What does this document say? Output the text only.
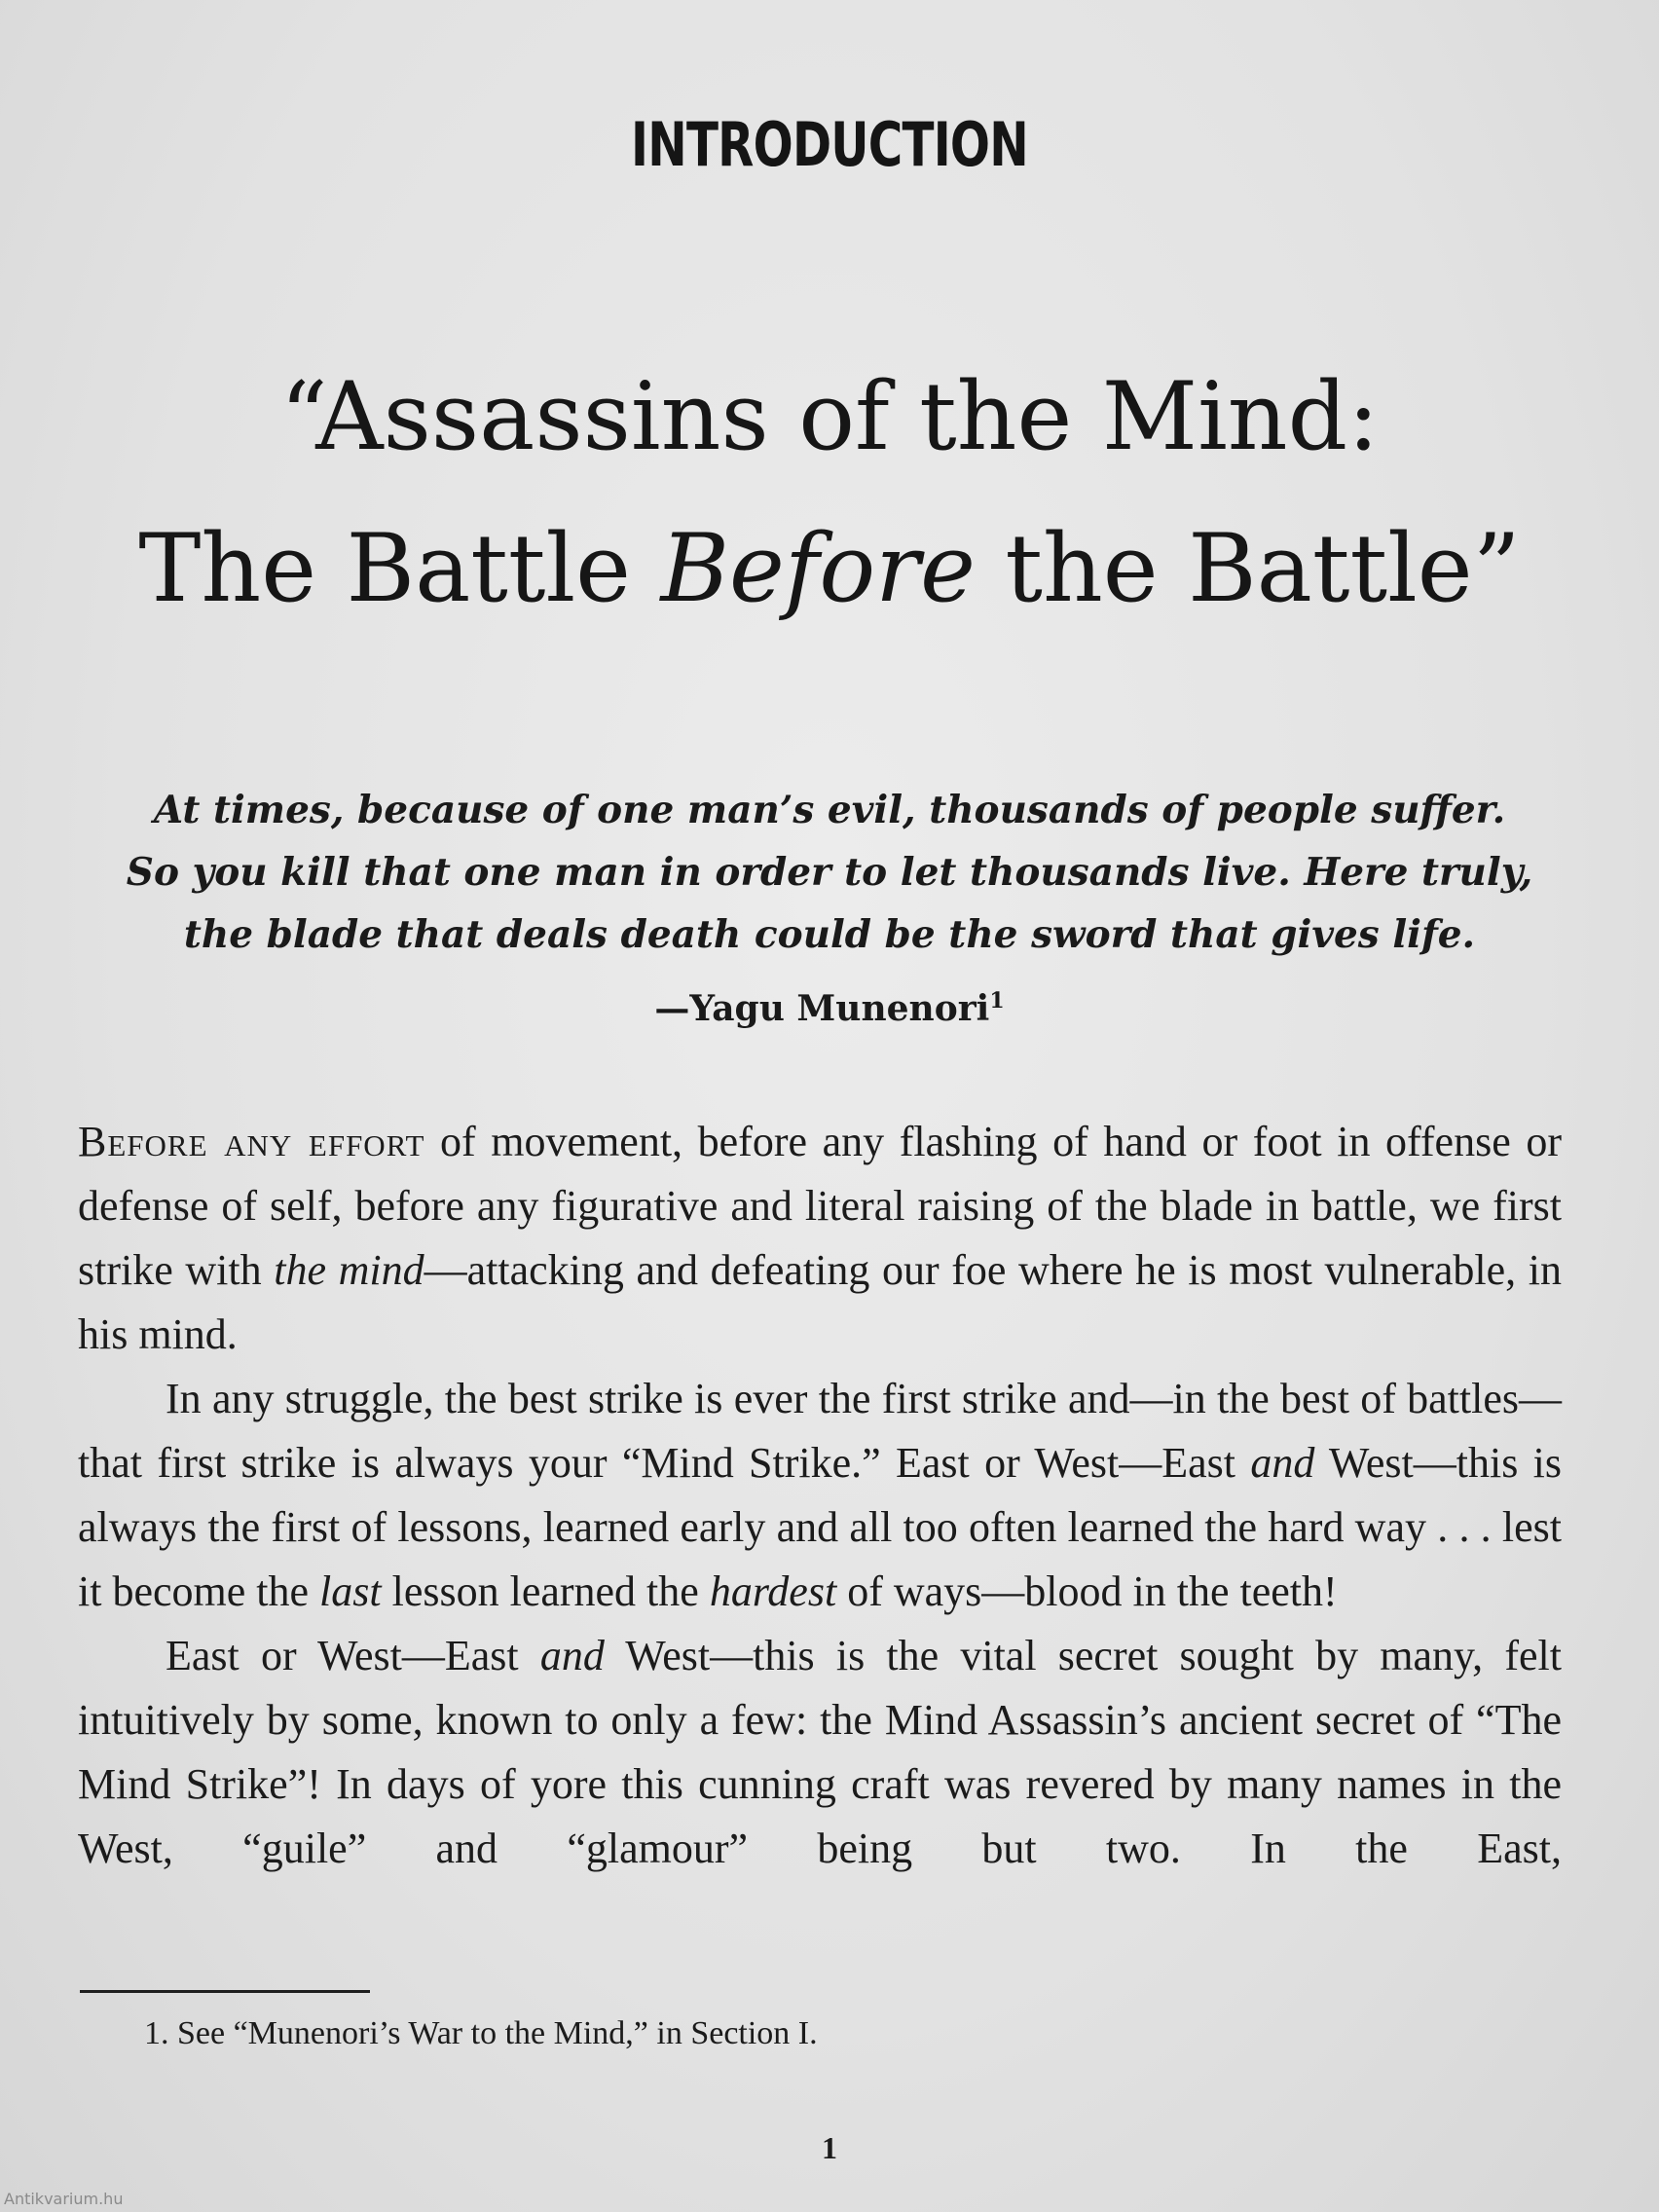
INTRODUCTION
“Assassins of the Mind:
The Battle Before the Battle”
At times, because of one man’s evil, thousands of people suffer.
So you kill that one man in order to let thousands live. Here truly,
the blade that deals death could be the sword that gives life.
—Yagu Munenori$^1$

Before any effort of movement, before any flashing of hand or foot in offense or defense of self, before any figurative and literal raising of the blade in battle, we first strike with the mind—attacking and defeating our foe where he is most vulnerable, in his mind.

In any struggle, the best strike is ever the first strike and—in the best of battles—that first strike is always your “Mind Strike.” East or West—East and West—this is always the first of lessons, learned early and all too often learned the hard way . . . lest it become the last lesson learned the hardest of ways—blood in the teeth!

East or West—East and West—this is the vital secret sought by many, felt intuitively by some, known to only a few: the Mind Assassin’s ancient secret of “The Mind Strike”! In days of yore this cunning craft was revered by many names in the West, “guile” and “glamour” being but two. In the East,

1. See “Munenori’s War to the Mind,” in Section I.
1
Antikvarium.hu
